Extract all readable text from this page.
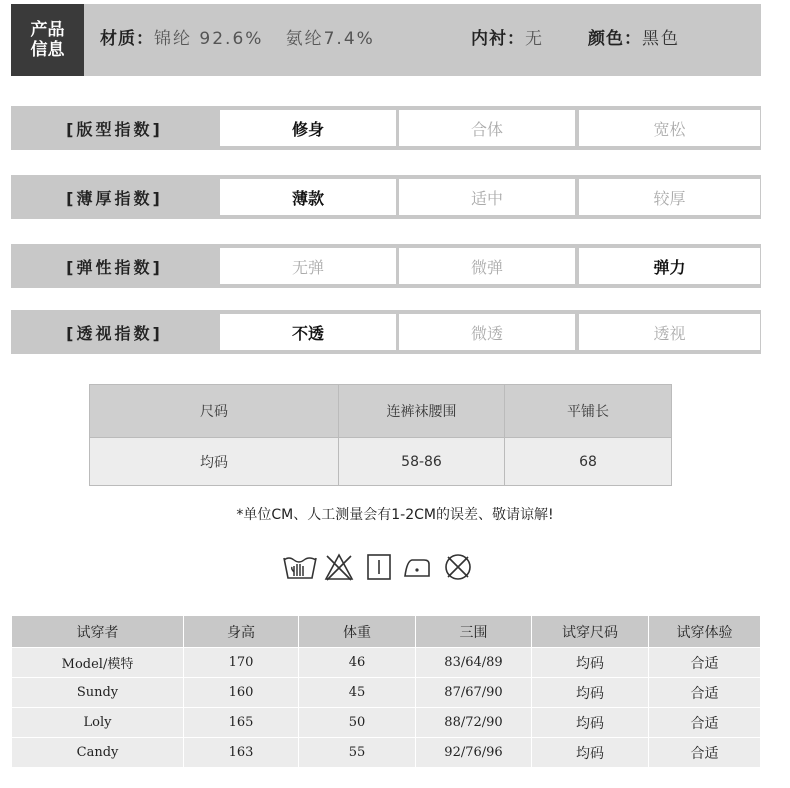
产品信息
材质：锦纶 92.6%   氨纶7.4%	内衬：无	颜色：黑色
[版型指数]	修身	合体	宽松
[薄厚指数]	薄款	适中	较厚
[弹性指数]	无弹	微弹	弹力
[透视指数]	不透	微透	透视
尺码	连裤袜腰围	平铺长
均码	58-86	68
*单位CM、人工测量会有1-2CM的误差、敬请谅解!
试穿者	身高	体重	三围	试穿尺码	试穿体验
Model/模特	170	46	83/64/89	均码	合适
Sundy	160	45	87/67/90	均码	合适
Loly	165	50	88/72/90	均码	合适
Candy	163	55	92/76/96	均码	合适
